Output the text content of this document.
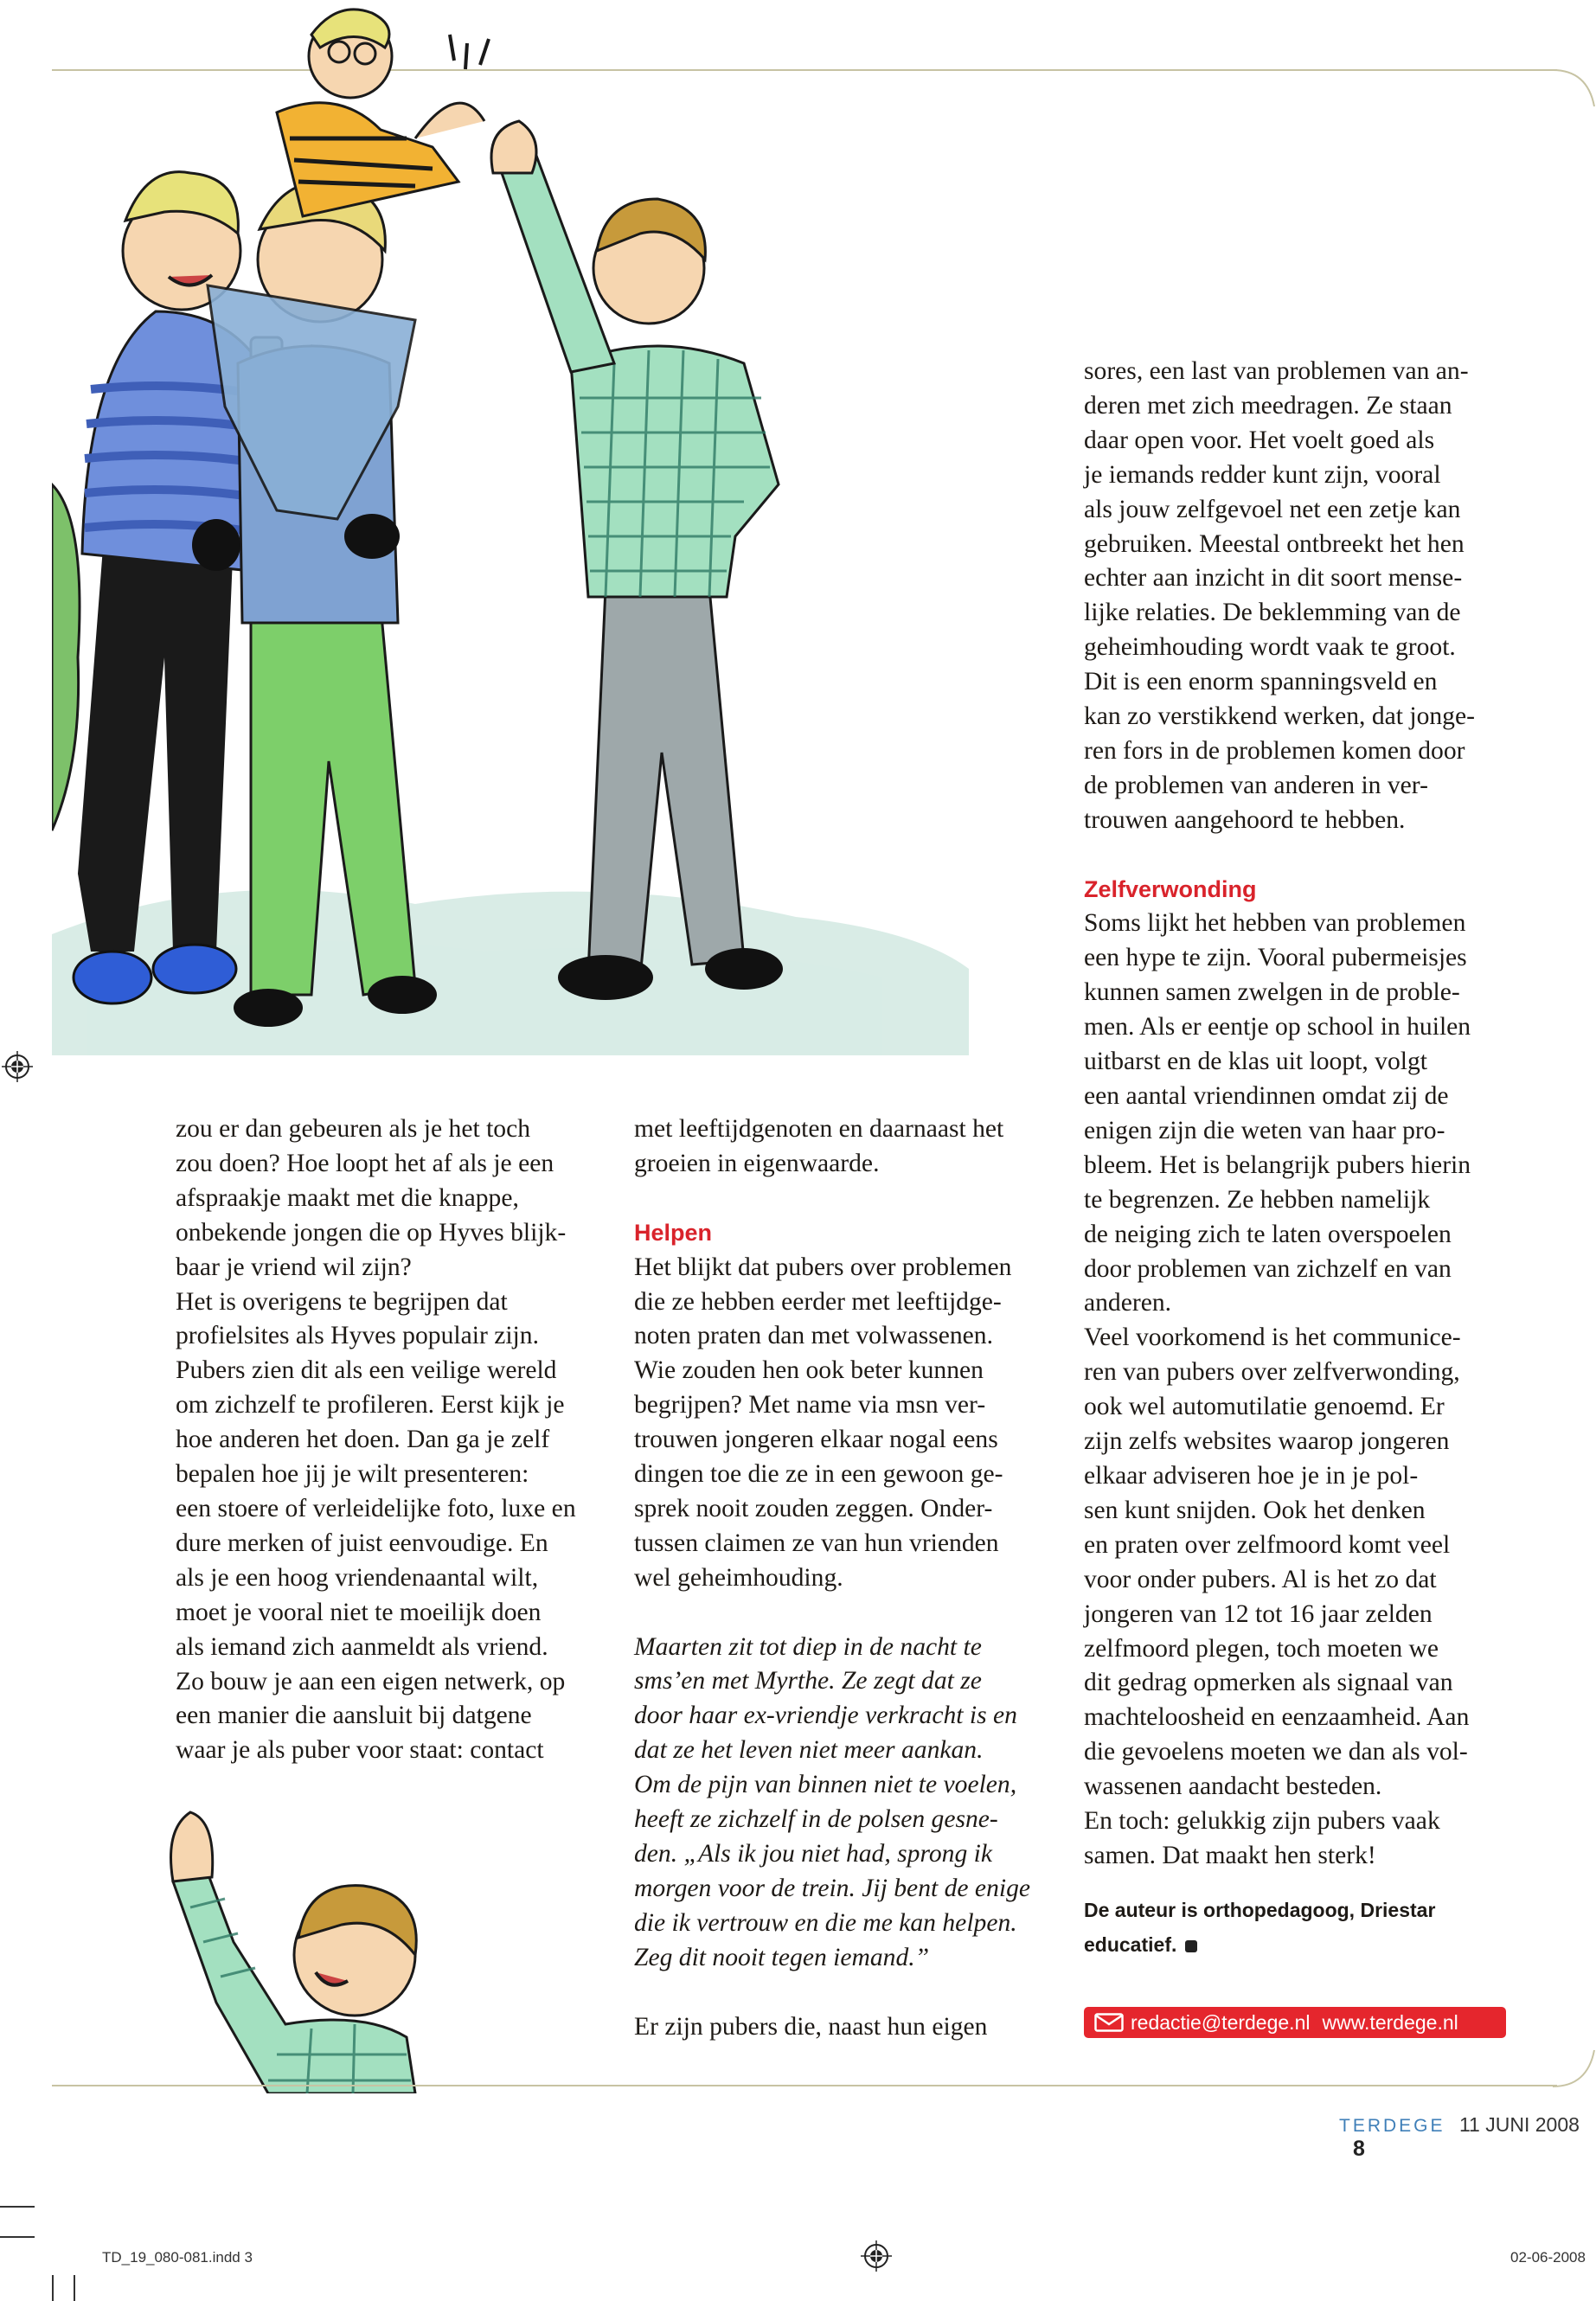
zou er dan gebeuren als je het toch

zou doen? Hoe loopt het af als je een

afspraakje maakt met die knappe,

onbekende jongen die op Hyves blijk-

baar je vriend wil zijn?

Het is overigens te begrijpen dat

profielsites als Hyves populair zijn.

Pubers zien dit als een veilige wereld

om zichzelf te profileren. Eerst kijk je

hoe anderen het doen. Dan ga je zelf

bepalen hoe jij je wilt presenteren:

een stoere of verleidelijke foto, luxe en

dure merken of juist eenvoudige. En

als je een hoog vriendenaantal wilt,

moet je vooral niet te moeilijk doen

als iemand zich aanmeldt als vriend.

Zo bouw je aan een eigen netwerk, op

een manier die aansluit bij datgene

waar je als puber voor staat: contact

met leeftijdgenoten en daarnaast het

groeien in eigenwaarde.

Helpen

Het blijkt dat pubers over problemen

die ze hebben eerder met leeftijdge-

noten praten dan met volwassenen.

Wie zouden hen ook beter kunnen

begrijpen? Met name via msn ver-

trouwen jongeren elkaar nogal eens

dingen toe die ze in een gewoon ge-

sprek nooit zouden zeggen. Onder-

tussen claimen ze van hun vrienden

wel geheimhouding.

Maarten zit tot diep in de nacht te

sms’en met Myrthe. Ze zegt dat ze

door haar ex-vriendje verkracht is en

dat ze het leven niet meer aankan.

Om de pijn van binnen niet te voelen,

heeft ze zichzelf in de polsen gesne-

den. „Als ik jou niet had, sprong ik

morgen voor de trein. Jij bent de enige

die ik vertrouw en die me kan helpen.

Zeg dit nooit tegen iemand.”

Er zijn pubers die, naast hun eigen

sores, een last van problemen van an-

deren met zich meedragen. Ze staan

daar open voor. Het voelt goed als

je iemands redder kunt zijn, vooral

als jouw zelfgevoel net een zetje kan

gebruiken. Meestal ontbreekt het hen

echter aan inzicht in dit soort mense-

lijke relaties. De beklemming van de

geheimhouding wordt vaak te groot.

Dit is een enorm spanningsveld en

kan zo verstikkend werken, dat jonge-

ren fors in de problemen komen door

de problemen van anderen in ver-

trouwen aangehoord te hebben.

Zelfverwonding

Soms lijkt het hebben van problemen

een hype te zijn. Vooral pubermeisjes

kunnen samen zwelgen in de proble-

men. Als er eentje op school in huilen

uitbarst en de klas uit loopt, volgt

een aantal vriendinnen omdat zij de

enigen zijn die weten van haar pro-

bleem. Het is belangrijk pubers hierin

te begrenzen. Ze hebben namelijk

de neiging zich te laten overspoelen

door problemen van zichzelf en van

anderen.

Veel voorkomend is het communice-

ren van pubers over zelfverwonding,

ook wel automutilatie genoemd. Er

zijn zelfs websites waarop jongeren

elkaar adviseren hoe je in je pol-

sen kunt snijden. Ook het denken

en praten over zelfmoord komt veel

voor onder pubers. Al is het zo dat

jongeren van 12 tot 16 jaar zelden

zelfmoord plegen, toch moeten we

dit gedrag opmerken als signaal van

machteloosheid en eenzaamheid. Aan

die gevoelens moeten we dan als vol-

wassenen aandacht besteden.

En toch: gelukkig zijn pubers vaak

samen. Dat maakt hen sterk!

De auteur is orthopedagoog, Driestar

educatief.

redactie@terdege.nl www.terdege.nl
TERDEGE 11 JUNI 2008 8
TD_19_080-081.indd 3	02-06-2008
